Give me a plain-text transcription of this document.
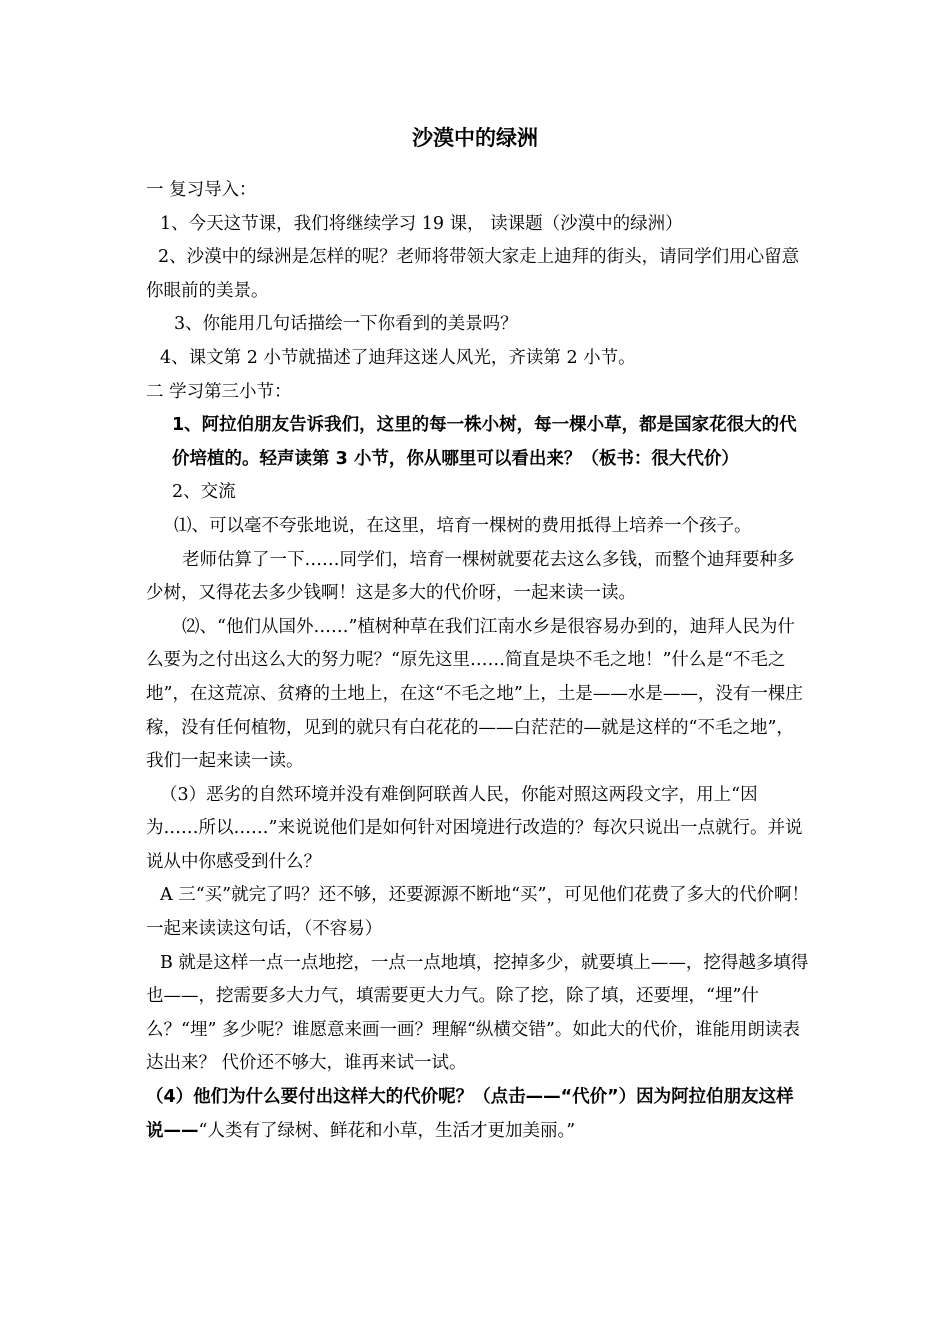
沙漠中的绿洲

一 复习导入：

1、今天这节课，我们将继续学习 19 课， 读课题（沙漠中的绿洲）

2、沙漠中的绿洲是怎样的呢？老师将带领大家走上迪拜的街头，请同学们用心留意你眼前的美景。

3、你能用几句话描绘一下你看到的美景吗？

4、课文第 2 小节就描述了迪拜这迷人风光，齐读第 2 小节。

二 学习第三小节：

1、阿拉伯朋友告诉我们，这里的每一株小树，每一棵小草，都是国家花很大的代价培植的。轻声读第 3 小节，你从哪里可以看出来？（板书：很大代价）

2、交流

⑴、可以毫不夸张地说，在这里，培育一棵树的费用抵得上培养一个孩子。

老师估算了一下……同学们，培育一棵树就要花去这么多钱，而整个迪拜要种多少树，又得花去多少钱啊！这是多大的代价呀，一起来读一读。

⑵、“他们从国外……”植树种草在我们江南水乡是很容易办到的，迪拜人民为什么要为之付出这么大的努力呢？“原先这里……简直是块不毛之地！”什么是“不毛之地”，在这荒凉、贫瘠的土地上，在这“不毛之地”上，土是——水是——，没有一棵庄稼，没有任何植物，见到的就只有白花花的——白茫茫的—就是这样的“不毛之地”，我们一起来读一读。

（3）恶劣的自然环境并没有难倒阿联酋人民，你能对照这两段文字，用上“因为……所以……”来说说他们是如何针对困境进行改造的？每次只说出一点就行。并说说从中你感受到什么？

A 三“买”就完了吗？还不够，还要源源不断地“买”，可见他们花费了多大的代价啊！一起来读读这句话，（不容易）

B 就是这样一点一点地挖，一点一点地填，挖掉多少，就要填上——，挖得越多填得也——，挖需要多大力气，填需要更大力气。除了挖，除了填，还要埋，“埋”什么？“埋” 多少呢？谁愿意来画一画？理解“纵横交错”。如此大的代价，谁能用朗读表达出来？ 代价还不够大，谁再来试一试。

（4）他们为什么要付出这样大的代价呢？（点击——“代价”）因为阿拉伯朋友这样说——“人类有了绿树、鲜花和小草，生活才更加美丽。”
